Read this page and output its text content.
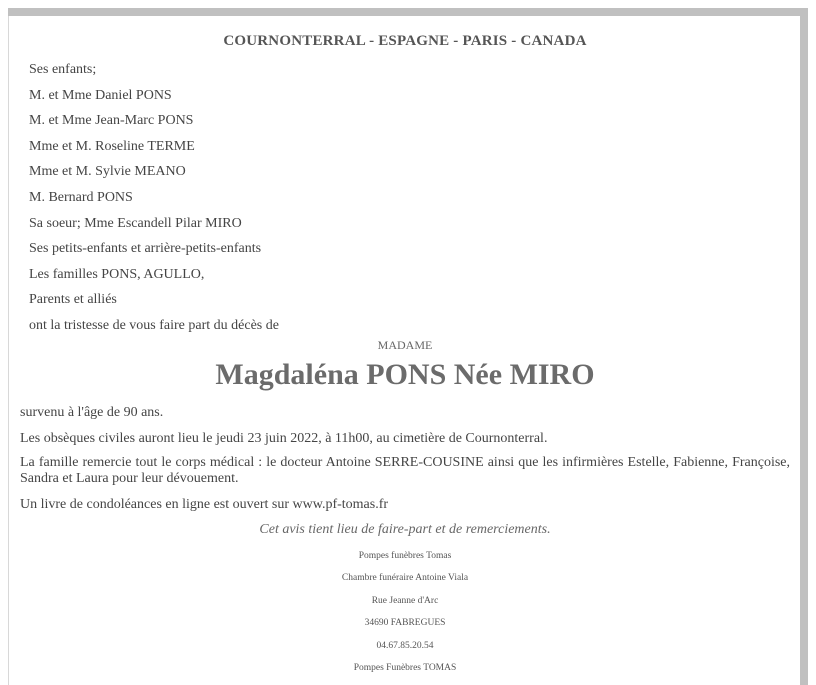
COURNONTERRAL - ESPAGNE - PARIS - CANADA
Ses enfants;
M. et Mme Daniel PONS
M. et Mme Jean-Marc PONS
Mme et M. Roseline TERME
Mme et M. Sylvie MEANO
M. Bernard PONS
Sa soeur; Mme Escandell Pilar MIRO
Ses petits-enfants et arrière-petits-enfants
Les familles PONS, AGULLO,
Parents et alliés
ont la tristesse de vous faire part du décès de
MADAME
Magdaléna PONS Née MIRO

survenu à l'âge de 90 ans.

Les obsèques civiles auront lieu le jeudi 23 juin 2022, à 11h00, au cimetière de Cournonterral.

La famille remercie tout le corps médical : le docteur Antoine SERRE-COUSINE ainsi que les infirmières Estelle, Fabienne, Françoise, Sandra et Laura pour leur dévouement.

Un livre de condoléances en ligne est ouvert sur www.pf-tomas.fr

Cet avis tient lieu de faire-part et de remerciements.
Pompes funèbres Tomas
Chambre funéraire Antoine Viala
Rue Jeanne d'Arc
34690 FABREGUES
04.67.85.20.54
Pompes Funèbres TOMAS
